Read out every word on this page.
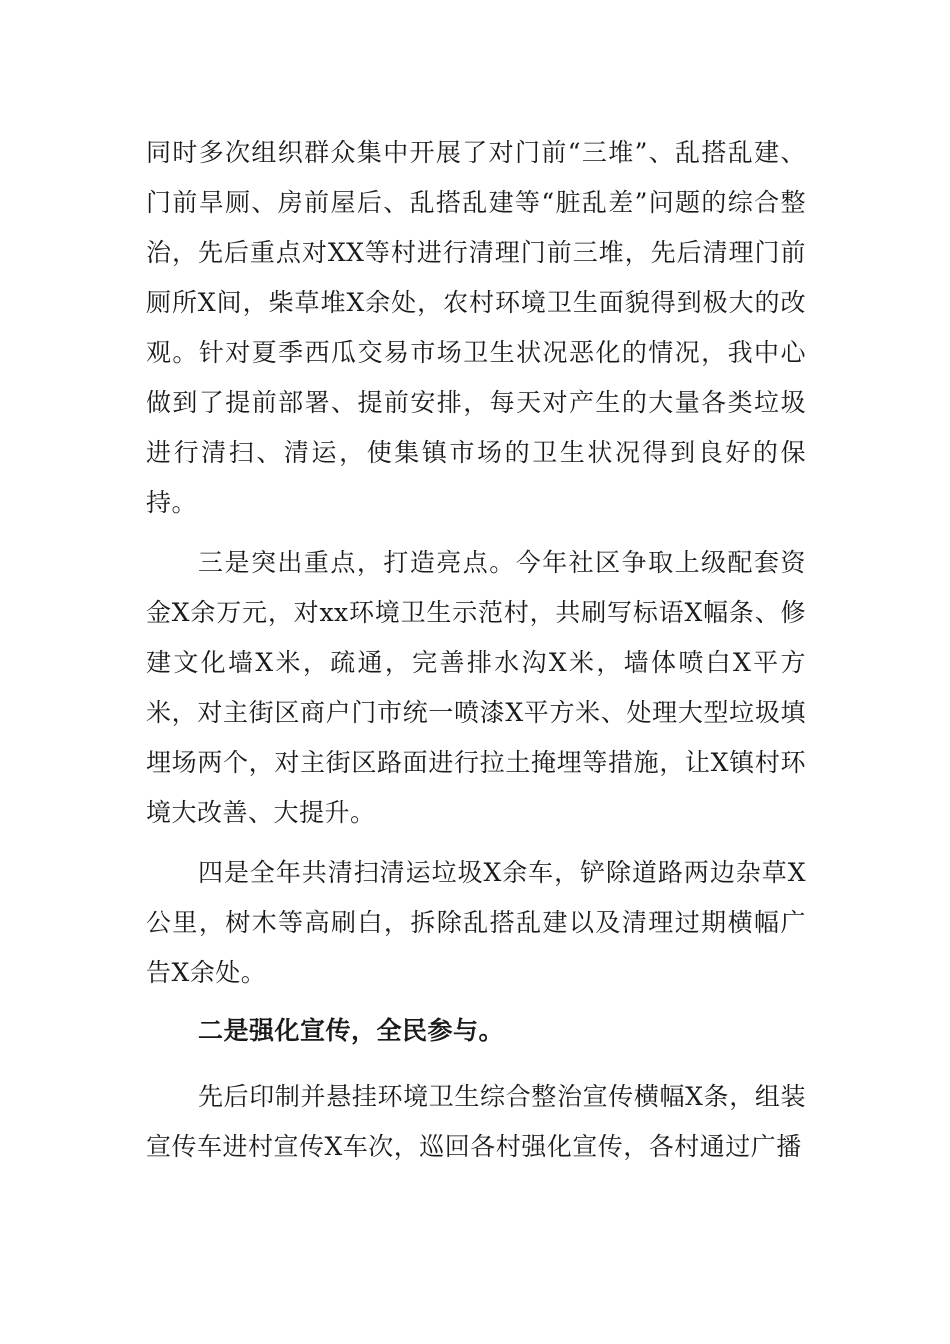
同时多次组织群众集中开展了对门前“三堆”、乱搭乱建、门前旱厕、房前屋后、乱搭乱建等“脏乱差”问题的综合整治，先后重点对XX等村进行清理门前三堆，先后清理门前厕所X间，柴草堆X余处，农村环境卫生面貌得到极大的改观。针对夏季西瓜交易市场卫生状况恶化的情况，我中心做到了提前部署、提前安排，每天对产生的大量各类垃圾进行清扫、清运，使集镇市场的卫生状况得到良好的保持。

三是突出重点，打造亮点。今年社区争取上级配套资金X余万元，对xx环境卫生示范村，共刷写标语X幅条、修建文化墙X米，疏通，完善排水沟X米，墙体喷白X平方米，对主街区商户门市统一喷漆X平方米、处理大型垃圾填埋场两个，对主街区路面进行拉土掩埋等措施，让X镇村环境大改善、大提升。

四是全年共清扫清运垃圾X余车，铲除道路两边杂草X公里，树木等高刷白，拆除乱搭乱建以及清理过期横幅广告X余处。

二是强化宣传，全民参与。

先后印制并悬挂环境卫生综合整治宣传横幅X条，组装宣传车进村宣传X车次，巡回各村强化宣传，各村通过广播
